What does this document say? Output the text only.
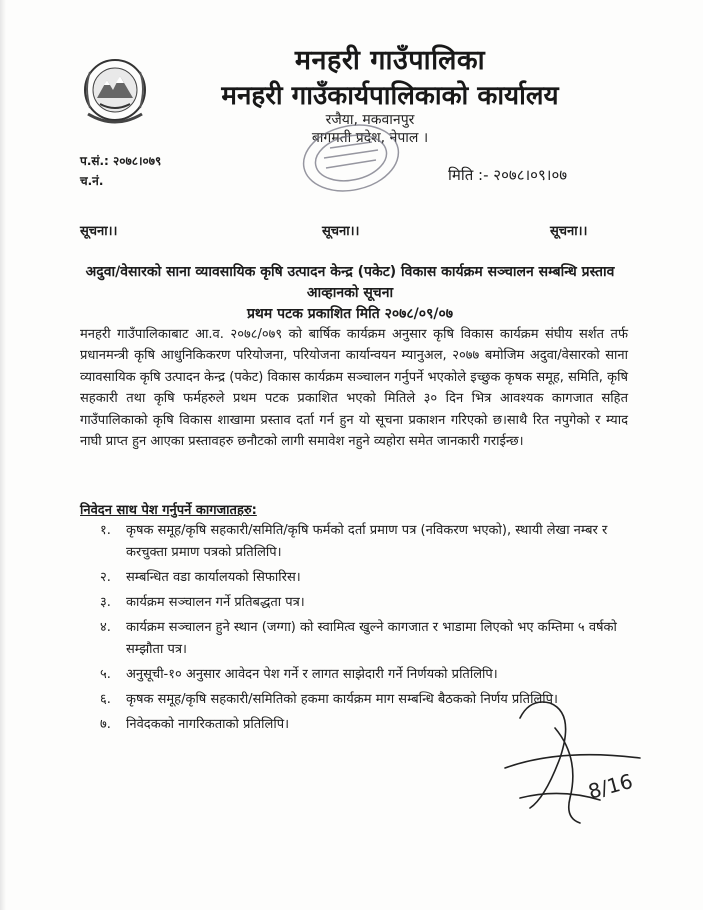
मनहरी गाउँपालिका
मनहरी गाउँकार्यपालिकाको कार्यालय
रजैया, मकवानपुर
बागमती प्रदेश, नेपाल ।
प.सं.: २०७८।०७९
च.नं.	मिति :- २०७८।०९।०७
सूचना।।	सूचना।।	सूचना।।
अदुवा/वेसारको साना व्यावसायिक कृषि उत्पादन केन्द्र (पकेट) विकास कार्यक्रम सञ्चालन सम्बन्धि प्रस्ताव आव्हानको सूचना
प्रथम पटक प्रकाशित मिति २०७८/०९/०७
मनहरी गाउँपालिकाबाट आ.व. २०७८/०७९ को बार्षिक कार्यक्रम अनुसार कृषि विकास कार्यक्रम संघीय सर्शत तर्फ प्रधानमन्त्री कृषि आधुनिकिकरण परियोजना, परियोजना कार्यान्वयन म्यानुअल, २०७७ बमोजिम अदुवा/वेसारको साना व्यावसायिक कृषि उत्पादन केन्द्र (पकेट) विकास कार्यक्रम सञ्चालन गर्नुपर्ने भएकोले इच्छुक कृषक समूह, समिति, कृषि सहकारी तथा कृषि फर्महरुले प्रथम पटक प्रकाशित भएको मितिले ३० दिन भित्र आवश्यक कागजात सहित गाउँपालिकाको कृषि विकास शाखामा प्रस्ताव दर्ता गर्न हुन यो सूचना प्रकाशन गरिएको छ।साथै रित नपुगेको र म्याद नाघी प्राप्त हुन आएका प्रस्तावहरु छनौटको लागी समावेश नहुने व्यहोरा समेत जानकारी गराईन्छ।
निवेदन साथ पेश गर्नुपर्ने कागजातहरु:
१.	कृषक समूह/कृषि सहकारी/समिति/कृषि फर्मको दर्ता प्रमाण पत्र (नविकरण भएको), स्थायी लेखा नम्बर र करचुक्ता प्रमाण पत्रको प्रतिलिपि।
२.	सम्बन्धित वडा कार्यालयको सिफारिस।
३.	कार्यक्रम सञ्चालन गर्ने प्रतिबद्धता पत्र।
४.	कार्यक्रम सञ्चालन हुने स्थान (जग्गा) को स्वामित्व खुल्ने कागजात र भाडामा लिएको भए कम्तिमा ५ वर्षको सम्झौता पत्र।
५.	अनुसूची-१० अनुसार आवेदन पेश गर्ने र लागत साझेदारी गर्ने निर्णयको प्रतिलिपि।
६.	कृषक समूह/कृषि सहकारी/समितिको हकमा कार्यक्रम माग सम्बन्धि बैठकको निर्णय प्रतिलिपि।
७.	निवेदकको नागरिकताको प्रतिलिपि।
8/16
